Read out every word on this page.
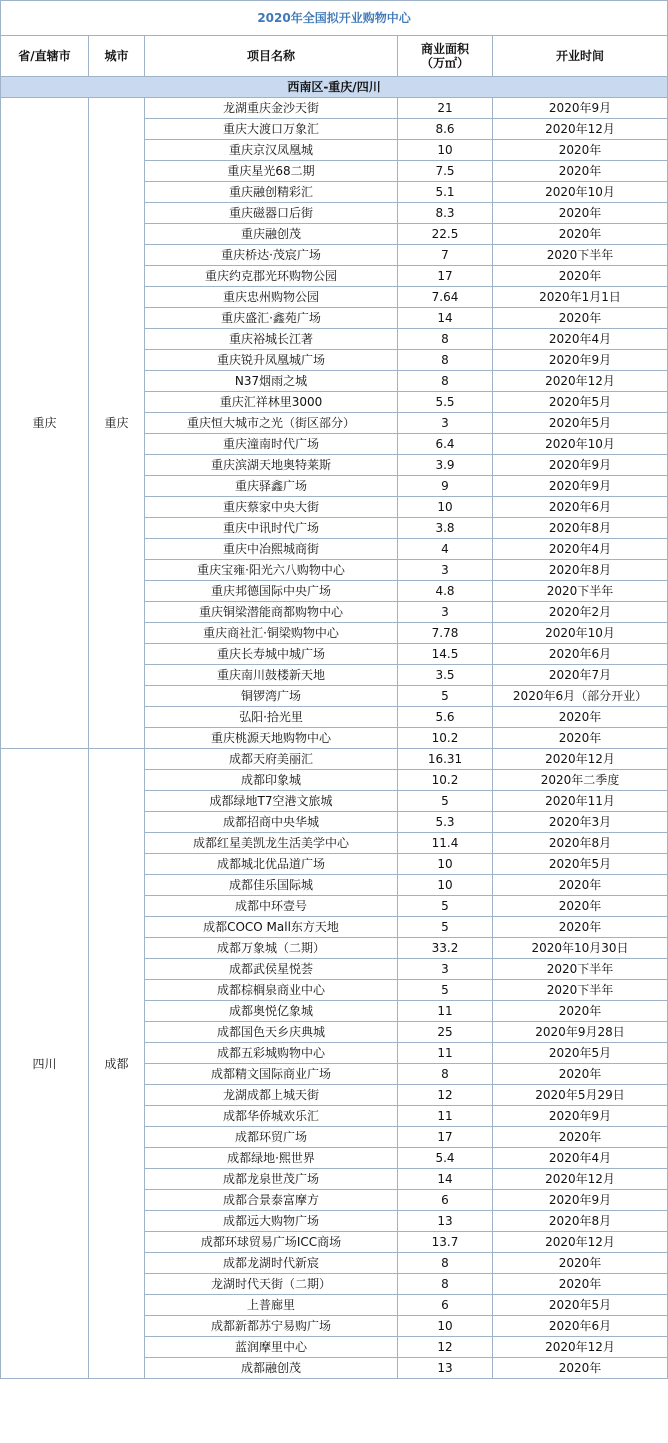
2020年全国拟开业购物中心				
省/直辖市	城市	项目名称	商业面积
（万㎡）	开业时间
西南区-重庆/四川				
重庆	重庆	龙湖重庆金沙天街	21	2020年9月
		重庆大渡口万象汇	8.6	2020年12月
		重庆京汉凤凰城	10	2020年
		重庆星光68二期	7.5	2020年
		重庆融创精彩汇	5.1	2020年10月
		重庆磁器口后街	8.3	2020年
		重庆融创茂	22.5	2020年
		重庆桥达·茂宸广场	7	2020下半年
		重庆约克郡光环购物公园	17	2020年
		重庆忠州购物公园	7.64	2020年1月1日
		重庆盛汇·鑫苑广场	14	2020年
		重庆裕城长江著	8	2020年4月
		重庆锐升凤凰城广场	8	2020年9月
		N37烟雨之城	8	2020年12月
		重庆汇祥林里3000	5.5	2020年5月
		重庆恒大城市之光（街区部分）	3	2020年5月
		重庆潼南时代广场	6.4	2020年10月
		重庆滨湖天地奥特莱斯	3.9	2020年9月
		重庆驿鑫广场	9	2020年9月
		重庆蔡家中央大街	10	2020年6月
		重庆中讯时代广场	3.8	2020年8月
		重庆中冶熙城商街	4	2020年4月
		重庆宝雍·阳光六八购物中心	3	2020年8月
		重庆邦德国际中央广场	4.8	2020下半年
		重庆铜梁潜能商都购物中心	3	2020年2月
		重庆商社汇·铜梁购物中心	7.78	2020年10月
		重庆长寿城中城广场	14.5	2020年6月
		重庆南川鼓楼新天地	3.5	2020年7月
		铜锣湾广场	5	2020年6月（部分开业）
		弘阳·拾光里	5.6	2020年
		重庆桃源天地购物中心	10.2	2020年
四川	成都	成都天府美丽汇	16.31	2020年12月
		成都印象城	10.2	2020年二季度
		成都绿地T7空港文旅城	5	2020年11月
		成都招商中央华城	5.3	2020年3月
		成都红星美凯龙生活美学中心	11.4	2020年8月
		成都城北优品道广场	10	2020年5月
		成都佳乐国际城	10	2020年
		成都中环壹号	5	2020年
		成都COCO Mall东方天地	5	2020年
		成都万象城（二期）	33.2	2020年10月30日
		成都武侯星悦荟	3	2020下半年
		成都棕榈泉商业中心	5	2020下半年
		成都奥悦亿象城	11	2020年
		成都国色天乡庆典城	25	2020年9月28日
		成都五彩城购物中心	11	2020年5月
		成都精文国际商业广场	8	2020年
		龙湖成都上城天街	12	2020年5月29日
		成都华侨城欢乐汇	11	2020年9月
		成都环贸广场	17	2020年
		成都绿地·熙世界	5.4	2020年4月
		成都龙泉世茂广场	14	2020年12月
		成都合景泰富摩方	6	2020年9月
		成都远大购物广场	13	2020年8月
		成都环球贸易广场ICC商场	13.7	2020年12月
		成都龙湖时代新宸	8	2020年
		龙湖时代天街（二期）	8	2020年
		上普廊里	6	2020年5月
		成都新都苏宁易购广场	10	2020年6月
		蓝润摩里中心	12	2020年12月
		成都融创茂	13	2020年
